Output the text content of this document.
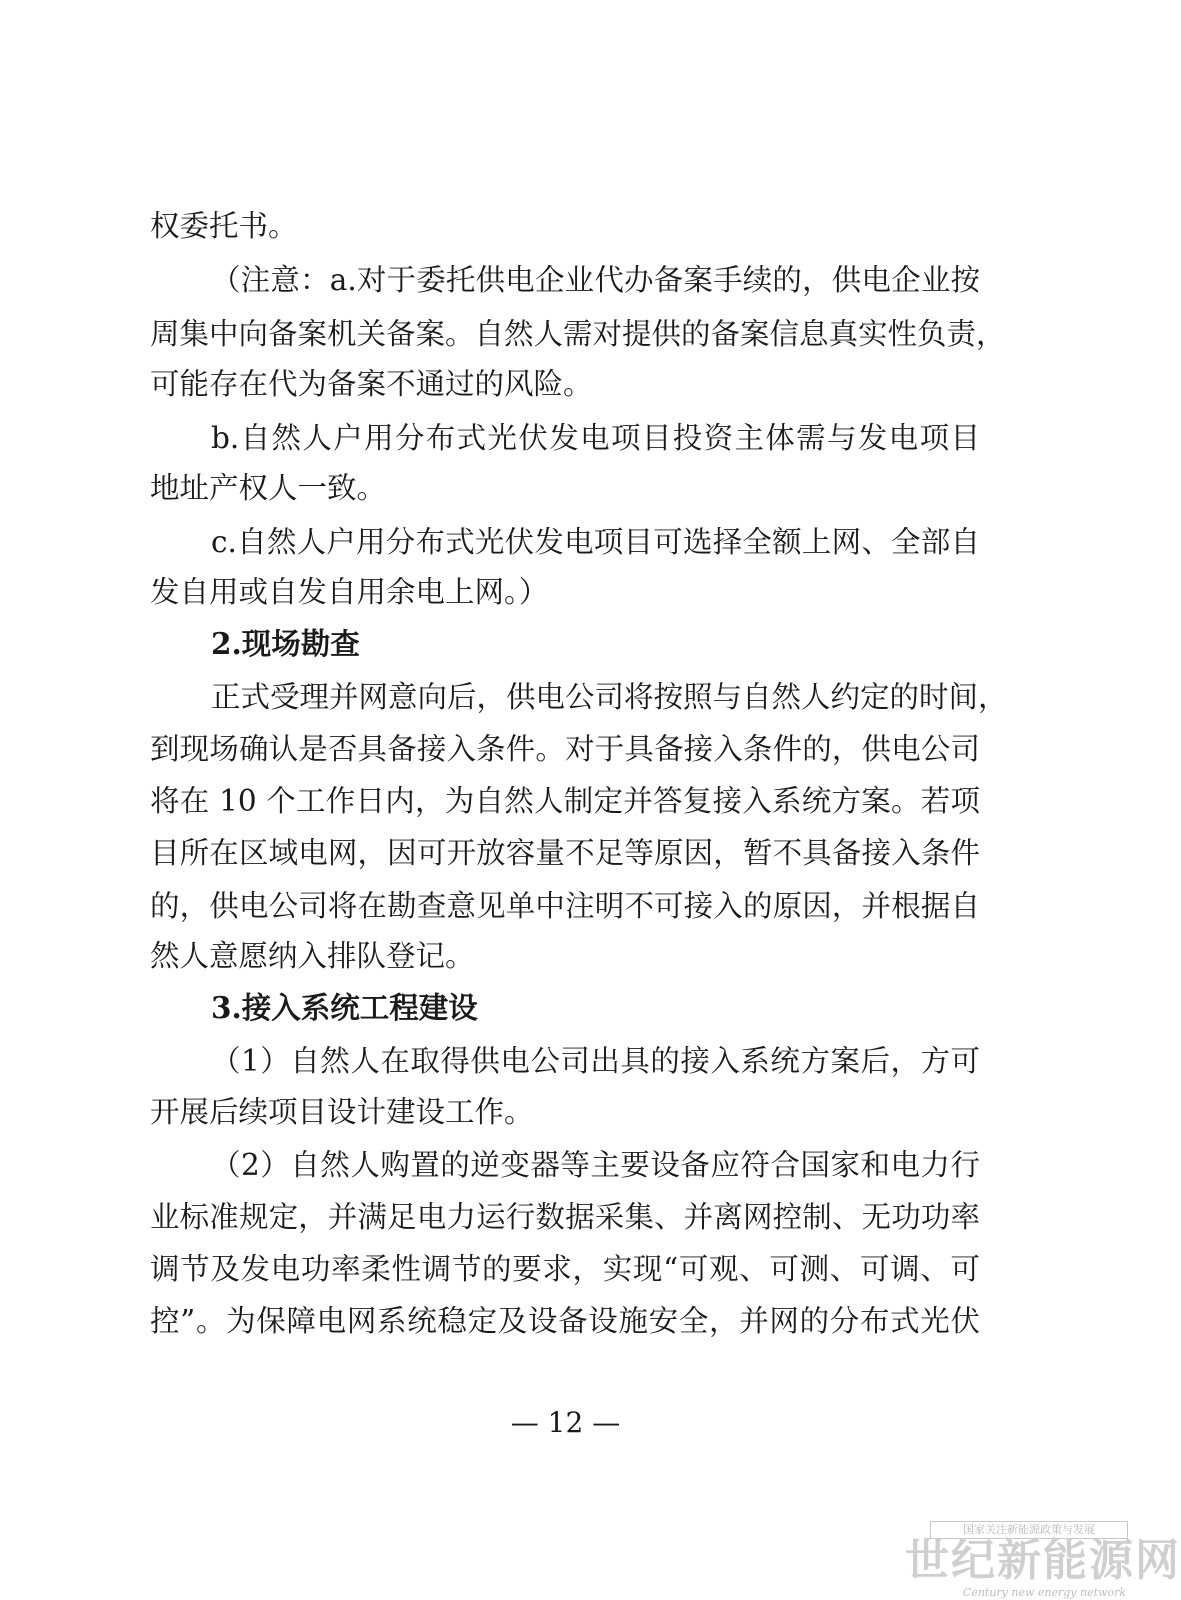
权委托书。
（注意：a.对于委托供电企业代办备案手续的，供电企业按
周集中向备案机关备案。自然人需对提供的备案信息真实性负责，
可能存在代为备案不通过的风险。
b.自然人户用分布式光伏发电项目投资主体需与发电项目
地址产权人一致。
c.自然人户用分布式光伏发电项目可选择全额上网、全部自
发自用或自发自用余电上网。）
2.现场勘查
正式受理并网意向后，供电公司将按照与自然人约定的时间，
到现场确认是否具备接入条件。对于具备接入条件的，供电公司
将在 10 个工作日内，为自然人制定并答复接入系统方案。若项
目所在区域电网，因可开放容量不足等原因，暂不具备接入条件
的，供电公司将在勘查意见单中注明不可接入的原因，并根据自
然人意愿纳入排队登记。
3.接入系统工程建设
（1）自然人在取得供电公司出具的接入系统方案后，方可
开展后续项目设计建设工作。
（2）自然人购置的逆变器等主要设备应符合国家和电力行
业标准规定，并满足电力运行数据采集、并离网控制、无功功率
调节及发电功率柔性调节的要求，实现“可观、可测、可调、可
控”。为保障电网系统稳定及设备设施安全，并网的分布式光伏
— 12 —
国家关注新能源政策与发展
世纪新能源网
Century new energy network
